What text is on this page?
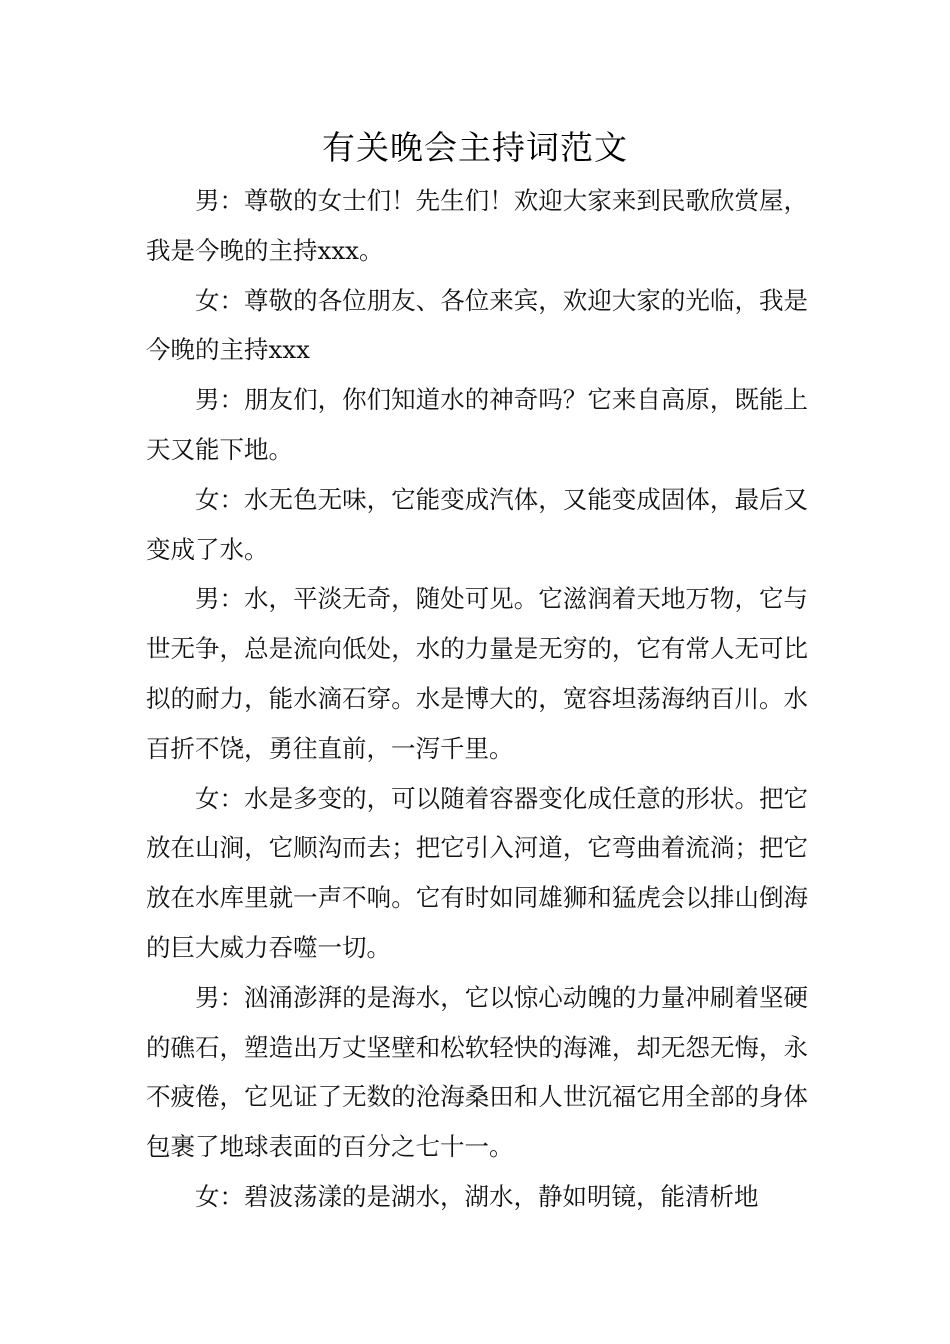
有关晚会主持词范文

男：尊敬的女士们！先生们！欢迎大家来到民歌欣赏屋，我是今晚的主持xxx。

女：尊敬的各位朋友、各位来宾，欢迎大家的光临，我是今晚的主持xxx

男：朋友们，你们知道水的神奇吗？它来自高原，既能上天又能下地。

女：水无色无味，它能变成汽体，又能变成固体，最后又变成了水。

男：水，平淡无奇，随处可见。它滋润着天地万物，它与世无争，总是流向低处，水的力量是无穷的，它有常人无可比拟的耐力，能水滴石穿。水是博大的，宽容坦荡海纳百川。水百折不饶，勇往直前，一泻千里。

女：水是多变的，可以随着容器变化成任意的形状。把它放在山涧，它顺沟而去；把它引入河道，它弯曲着流淌；把它放在水库里就一声不响。它有时如同雄狮和猛虎会以排山倒海的巨大威力吞噬一切。

男：汹涌澎湃的是海水，它以惊心动魄的力量冲刷着坚硬的礁石，塑造出万丈坚壁和松软轻快的海滩，却无怨无悔，永不疲倦，它见证了无数的沧海桑田和人世沉福它用全部的身体包裹了地球表面的百分之七十一。

女：碧波荡漾的是湖水，湖水，静如明镜，能清析地
